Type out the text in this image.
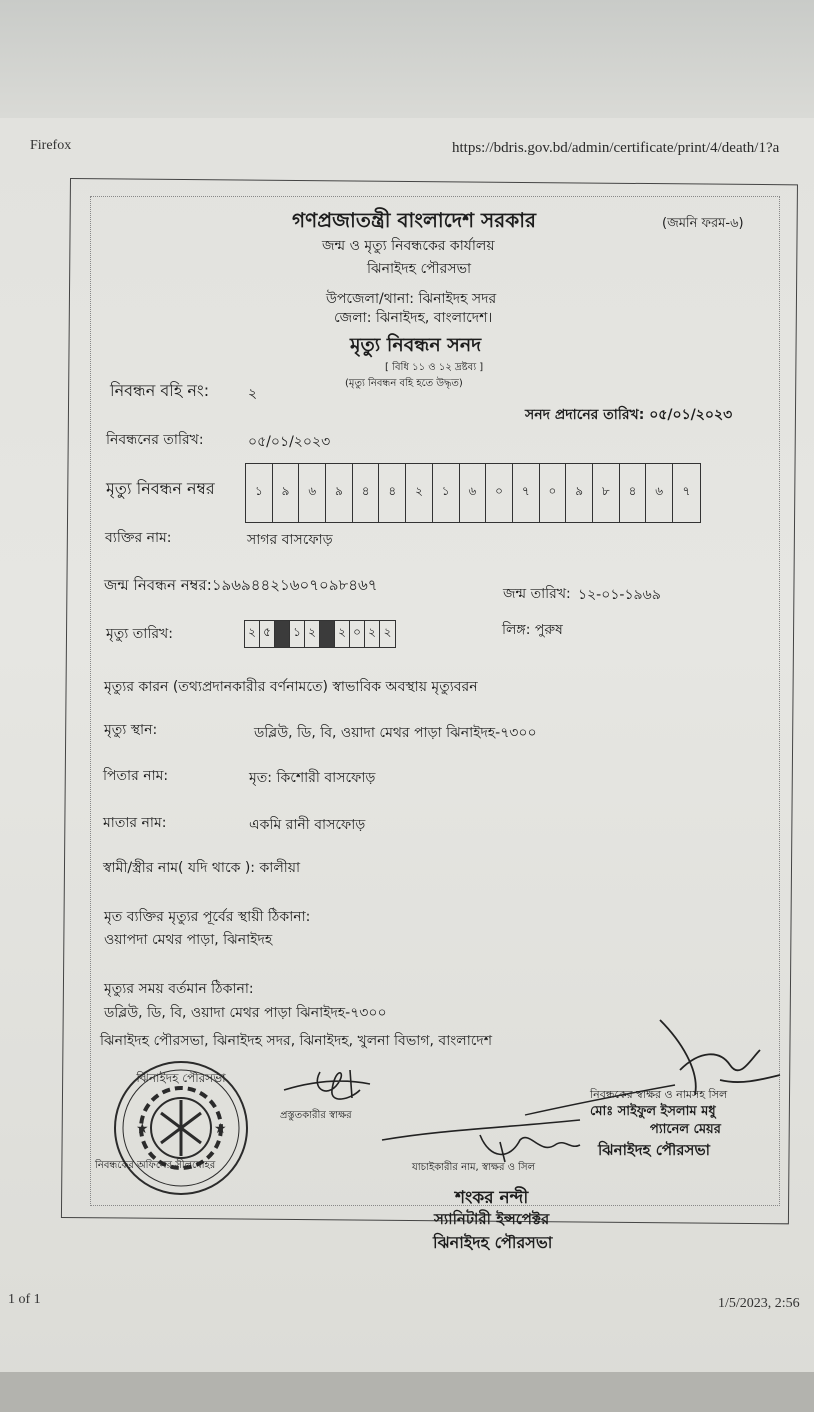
Firefox	https://bdris.gov.bd/admin/certificate/print/4/death/1?a
1 of 1	1/5/2023, 2:56
গণপ্রজাতন্ত্রী বাংলাদেশ সরকার	(জমনি ফরম-৬)
জন্ম ও মৃত্যু নিবন্ধকের কার্যালয়
ঝিনাইদহ পৌরসভা
উপজেলা/থানা: ঝিনাইদহ সদর
জেলা: ঝিনাইদহ, বাংলাদেশ।
মৃত্যু নিবন্ধন সনদ
[ বিধি ১১ ও ১২ দ্রষ্টব্য ]
(মৃত্যু নিবন্ধন বহি হতে উদ্ধৃত)
নিবন্ধন বহি নং:	২
সনদ প্রদানের তারিখ: ০৫/০১/২০২৩
নিবন্ধনের তারিখ:	০৫/০১/২০২৩
মৃত্যু নিবন্ধন নম্বর	১	৯	৬	৯	৪	৪	২	১	৬	০	৭	০	৯	৮	৪	৬	৭
ব্যক্তির নাম:	সাগর বাসফোড়
জন্ম নিবন্ধন নম্বর:১৯৬৯৪৪২১৬০৭০৯৮৪৬৭	জন্ম তারিখ: ১২-০১-১৯৬৯
মৃত্যু তারিখ:	২ ৫	১ ২	২ ০ ২ ২	লিঙ্গ: পুরুষ
মৃত্যুর কারন (তথ্যপ্রদানকারীর বর্ণনামতে) স্বাভাবিক অবস্থায় মৃত্যুবরন
মৃত্যু স্থান:	ডব্লিউ, ডি, বি, ওয়াদা মেথর পাড়া ঝিনাইদহ-৭৩০০
পিতার নাম:	মৃত: কিশোরী বাসফোড়
মাতার নাম:	একমি রানী বাসফোড়
স্বামী/স্ত্রীর নাম( যদি থাকে ): কালীয়া
মৃত ব্যক্তির মৃত্যুর পূর্বের স্থায়ী ঠিকানা:
ওয়াপদা মেথর পাড়া, ঝিনাইদহ
মৃত্যুর সময় বর্তমান ঠিকানা:
ডব্লিউ, ডি, বি, ওয়াদা মেথর পাড়া ঝিনাইদহ-৭৩০০
ঝিনাইদহ পৌরসভা, ঝিনাইদহ সদর, ঝিনাইদহ, খুলনা বিভাগ, বাংলাদেশ
★	★
ঝিনাইদহ পৌরসভা
প্রস্তুতকারীর স্বাক্ষর
যাচাইকারীর নাম, স্বাক্ষর ও সিল
নিবন্ধকের অফিসের সীলমোহর
নিবন্ধকের স্বাক্ষর ও নামসহ সিল
মোঃ সাইফুল ইসলাম মধু
প্যানেল মেয়র
ঝিনাইদহ পৌরসভা
শংকর নন্দী
স্যানিটারী ইন্সপেক্টর
ঝিনাইদহ পৌরসভা
